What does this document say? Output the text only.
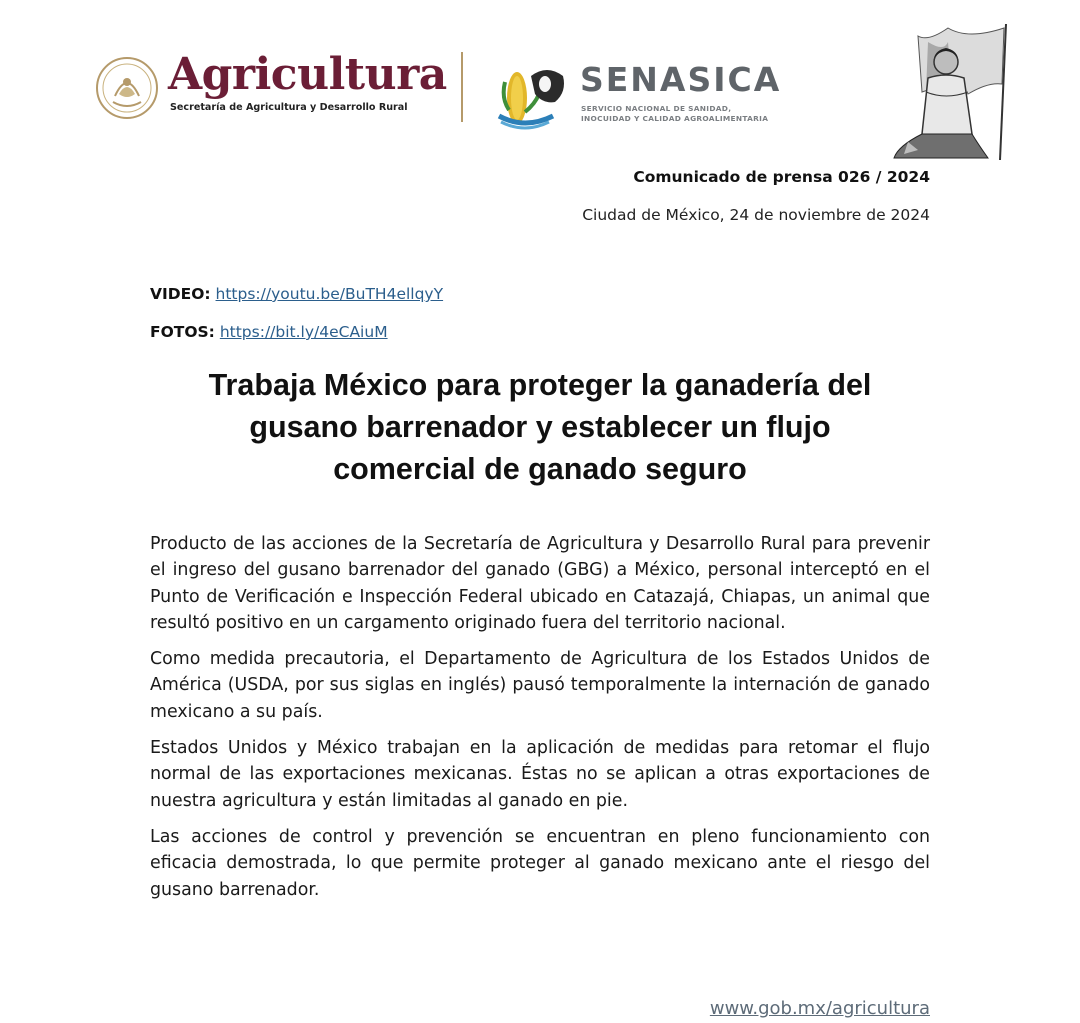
Agricultura
Secretaría de Agricultura y Desarrollo Rural
SENASICA
SERVICIO NACIONAL DE SANIDAD,
INOCUIDAD Y CALIDAD AGROALIMENTARIA
Comunicado de prensa 026 / 2024
Ciudad de México, 24 de noviembre de 2024
VIDEO: https://youtu.be/BuTH4ellqyY
FOTOS: https://bit.ly/4eCAiuM
Trabaja México para proteger la ganadería del
gusano barrenador y establecer un flujo
comercial de ganado seguro

Producto de las acciones de la Secretaría de Agricultura y Desarrollo Rural para prevenir el ingreso del gusano barrenador del ganado (GBG) a México, personal interceptó en el Punto de Verificación e Inspección Federal ubicado en Catazajá, Chiapas, un animal que resultó positivo en un cargamento originado fuera del territorio nacional.

Como medida precautoria, el Departamento de Agricultura de los Estados Unidos de América (USDA, por sus siglas en inglés) pausó temporalmente la internación de ganado mexicano a su país.

Estados Unidos y México trabajan en la aplicación de medidas para retomar el flujo normal de las exportaciones mexicanas. Éstas no se aplican a otras exportaciones de nuestra agricultura y están limitadas al ganado en pie.

Las acciones de control y prevención se encuentran en pleno funcionamiento con eficacia demostrada, lo que permite proteger al ganado mexicano ante el riesgo del gusano barrenador.

www.gob.mx/agricultura
